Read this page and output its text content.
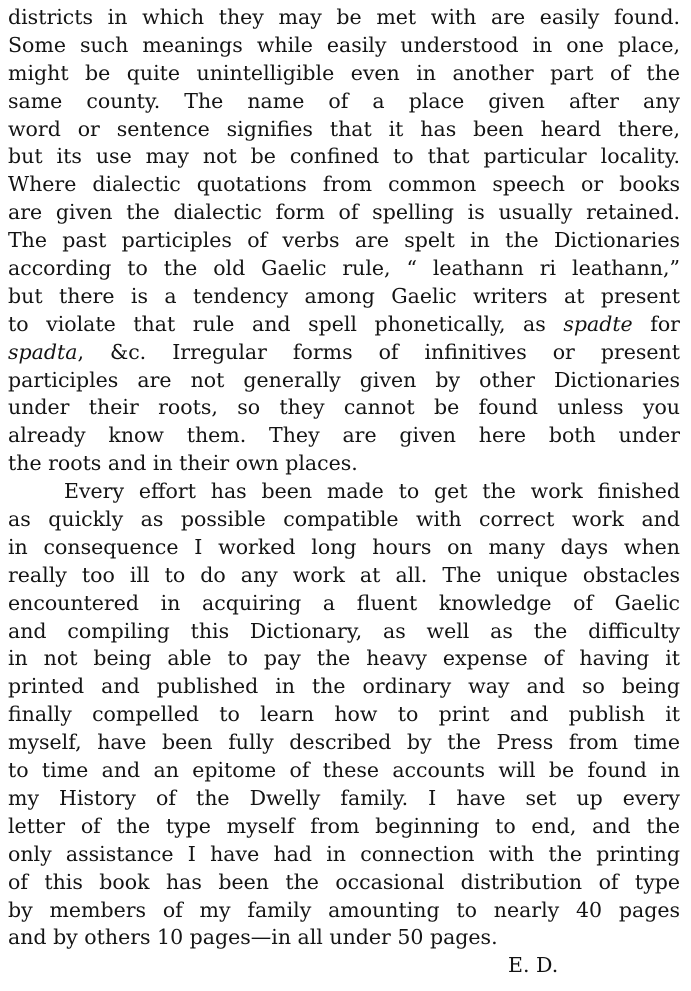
districts in which they may be met with are easily found.
Some such meanings while easily understood in one place,
might be quite unintelligible even in another part of the
same county. The name of a place given after any
word or sentence signifies that it has been heard there,
but its use may not be confined to that particular locality.
Where dialectic quotations from common speech or books
are given the dialectic form of spelling is usually retained.
The past participles of verbs are spelt in the Dictionaries
according to the old Gaelic rule, “ leathann ri leathann,”
but there is a tendency among Gaelic writers at present
to violate that rule and spell phonetically, as spadte for
spadta, &c. Irregular forms of infinitives or present
participles are not generally given by other Dictionaries
under their roots, so they cannot be found unless you
already know them. They are given here both under
the roots and in their own places.
Every effort has been made to get the work finished
as quickly as possible compatible with correct work and
in consequence I worked long hours on many days when
really too ill to do any work at all. The unique obstacles
encountered in acquiring a fluent knowledge of Gaelic
and compiling this Dictionary, as well as the difficulty
in not being able to pay the heavy expense of having it
printed and published in the ordinary way and so being
finally compelled to learn how to print and publish it
myself, have been fully described by the Press from time
to time and an epitome of these accounts will be found in
my History of the Dwelly family. I have set up every
letter of the type myself from beginning to end, and the
only assistance I have had in connection with the printing
of this book has been the occasional distribution of type
by members of my family amounting to nearly 40 pages
and by others 10 pages—in all under 50 pages.
E. D.
